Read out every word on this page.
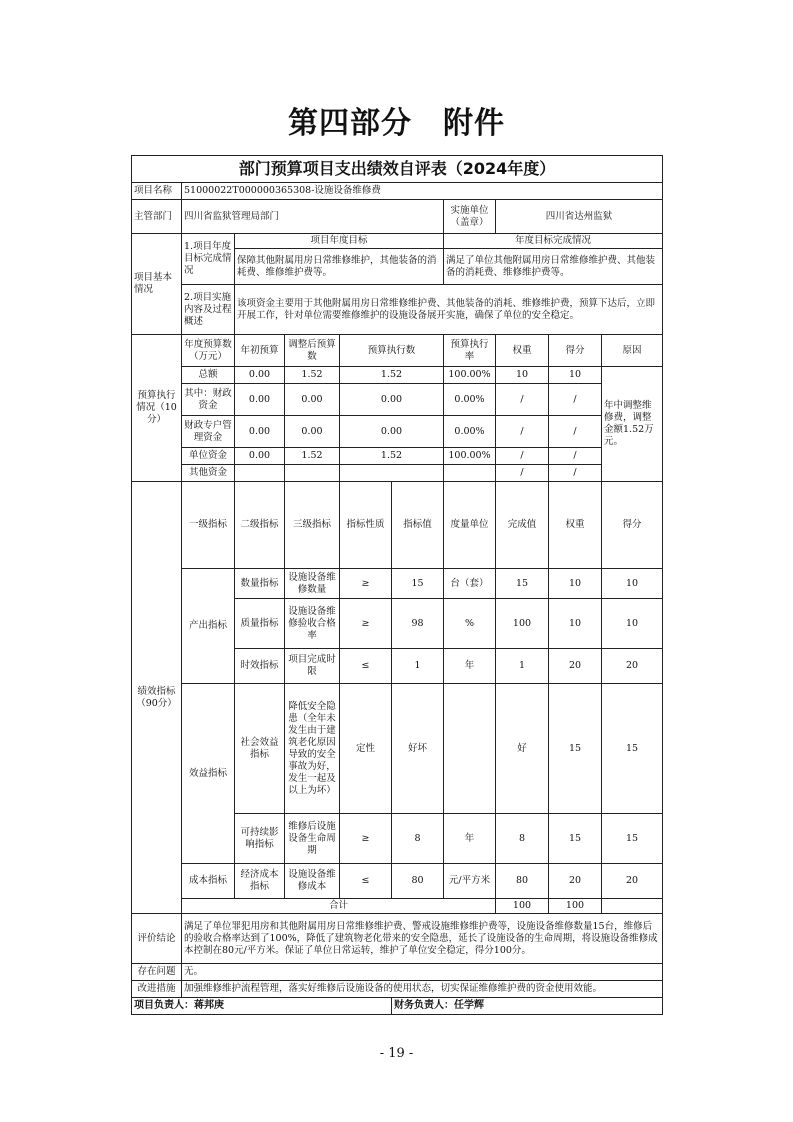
第四部分　附件
部门预算项目支出绩效自评表（2024年度）										
项目名称	51000022T000000365308-设施设备维修费									
主管部门	四川省监狱管理局部门					实施单位（盖章）	四川省达州监狱			
项目基本情况	1.项目年度目标完成情况	项目年度目标				年度目标完成情况				
		保障其他附属用房日常维修维护，其他装备的消耗费、维修维护费等。				满足了单位其他附属用房日常维修维护费、其他装备的消耗费、维修维护费等。				
	2.项目实施内容及过程概述	该项资金主要用于其他附属用房日常维修维护费、其他装备的消耗、维修维护费，预算下达后，立即开展工作，针对单位需要维修维护的设施设备展开实施，确保了单位的安全稳定。								
预算执行情况（10分）	年度预算数（万元）	年初预算	调整后预算数	预算执行数		预算执行率	权重	得分	原因	
	总额	0.00	1.52	1.52		100.00%	10	10	年中调整维修费，调整金额1.52万元。	
	其中：财政资金	0.00	0.00	0.00		0.00%	/	/		
	财政专户管理资金	0.00	0.00	0.00		0.00%	/	/		
	单位资金	0.00	1.52	1.52		100.00%	/	/		
	其他资金						/	/		
绩效指标（90分）	一级指标	二级指标	三级指标	指标性质	指标值	度量单位	完成值	权重	得分	
	产出指标	数量指标	设施设备维修数量	≥	15	台（套）	15	10	10	
		质量指标	设施设备维修验收合格率	≥	98	%	100	10	10	
		时效指标	项目完成时限	≤	1	年	1	20	20	
	效益指标	社会效益指标	降低安全隐患（全年未发生由于建筑老化原因导致的安全事故为好，发生一起及以上为坏）	定性	好坏		好	15	15	
		可持续影响指标	维修后设施设备生命周期	≥	8	年	8	15	15	
	成本指标	经济成本指标	设施设备维修成本	≤	80	元/平方米	80	20	20	
	合计						100	100		
评价结论	满足了单位罪犯用房和其他附属用房日常维修维护费、警戒设施维修维护费等，设施设备维修数量15台，维修后的验收合格率达到了100%，降低了建筑物老化带来的安全隐患，延长了设施设备的生命周期，将设施设备维修成本控制在80元/平方米。保证了单位日常运转，维护了单位安全稳定，得分100分。									
存在问题	无。									
改进措施	加强维修维护流程管理，落实好维修后设施设备的使用状态，切实保证维修维护费的资金使用效能。									
项目负责人：蒋邦庚					财务负责人：任学辉					
- 19 -
